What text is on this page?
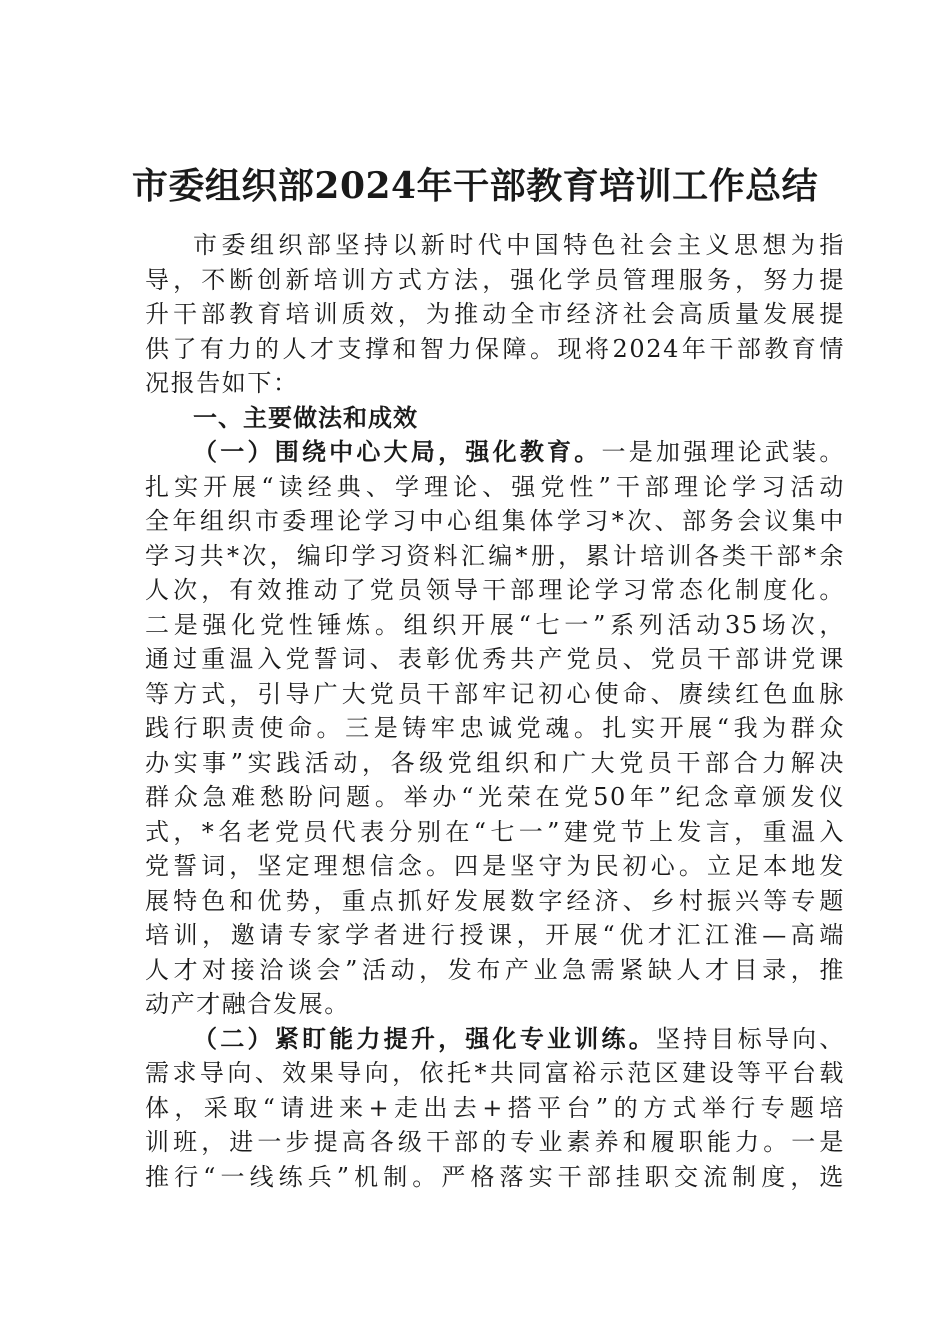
市委组织部2024年干部教育培训工作总结
市委组织部坚持以新时代中国特色社会主义思想为指
导，不断创新培训方式方法，强化学员管理服务，努力提
升干部教育培训质效，为推动全市经济社会高质量发展提
供了有力的人才支撑和智力保障。现将2024年干部教育情
况报告如下：
一、主要做法和成效
（一）围绕中心大局，强化教育。一是加强理论武装。
扎实开展“读经典、学理论、强党性”干部理论学习活动
全年组织市委理论学习中心组集体学习*次、部务会议集中
学习共*次，编印学习资料汇编*册，累计培训各类干部*余
人次，有效推动了党员领导干部理论学习常态化制度化。
二是强化党性锤炼。组织开展“七一”系列活动35场次，
通过重温入党誓词、表彰优秀共产党员、党员干部讲党课
等方式，引导广大党员干部牢记初心使命、赓续红色血脉
践行职责使命。三是铸牢忠诚党魂。扎实开展“我为群众
办实事”实践活动，各级党组织和广大党员干部合力解决
群众急难愁盼问题。举办“光荣在党50年”纪念章颁发仪
式，*名老党员代表分别在“七一”建党节上发言，重温入
党誓词，坚定理想信念。四是坚守为民初心。立足本地发
展特色和优势，重点抓好发展数字经济、乡村振兴等专题
培训，邀请专家学者进行授课，开展“优才汇江淮—高端
人才对接洽谈会”活动，发布产业急需紧缺人才目录，推
动产才融合发展。
（二）紧盯能力提升，强化专业训练。坚持目标导向、
需求导向、效果导向，依托*共同富裕示范区建设等平台载
体，采取“请进来+走出去+搭平台”的方式举行专题培
训班，进一步提高各级干部的专业素养和履职能力。一是
推行“一线练兵”机制。严格落实干部挂职交流制度，选
